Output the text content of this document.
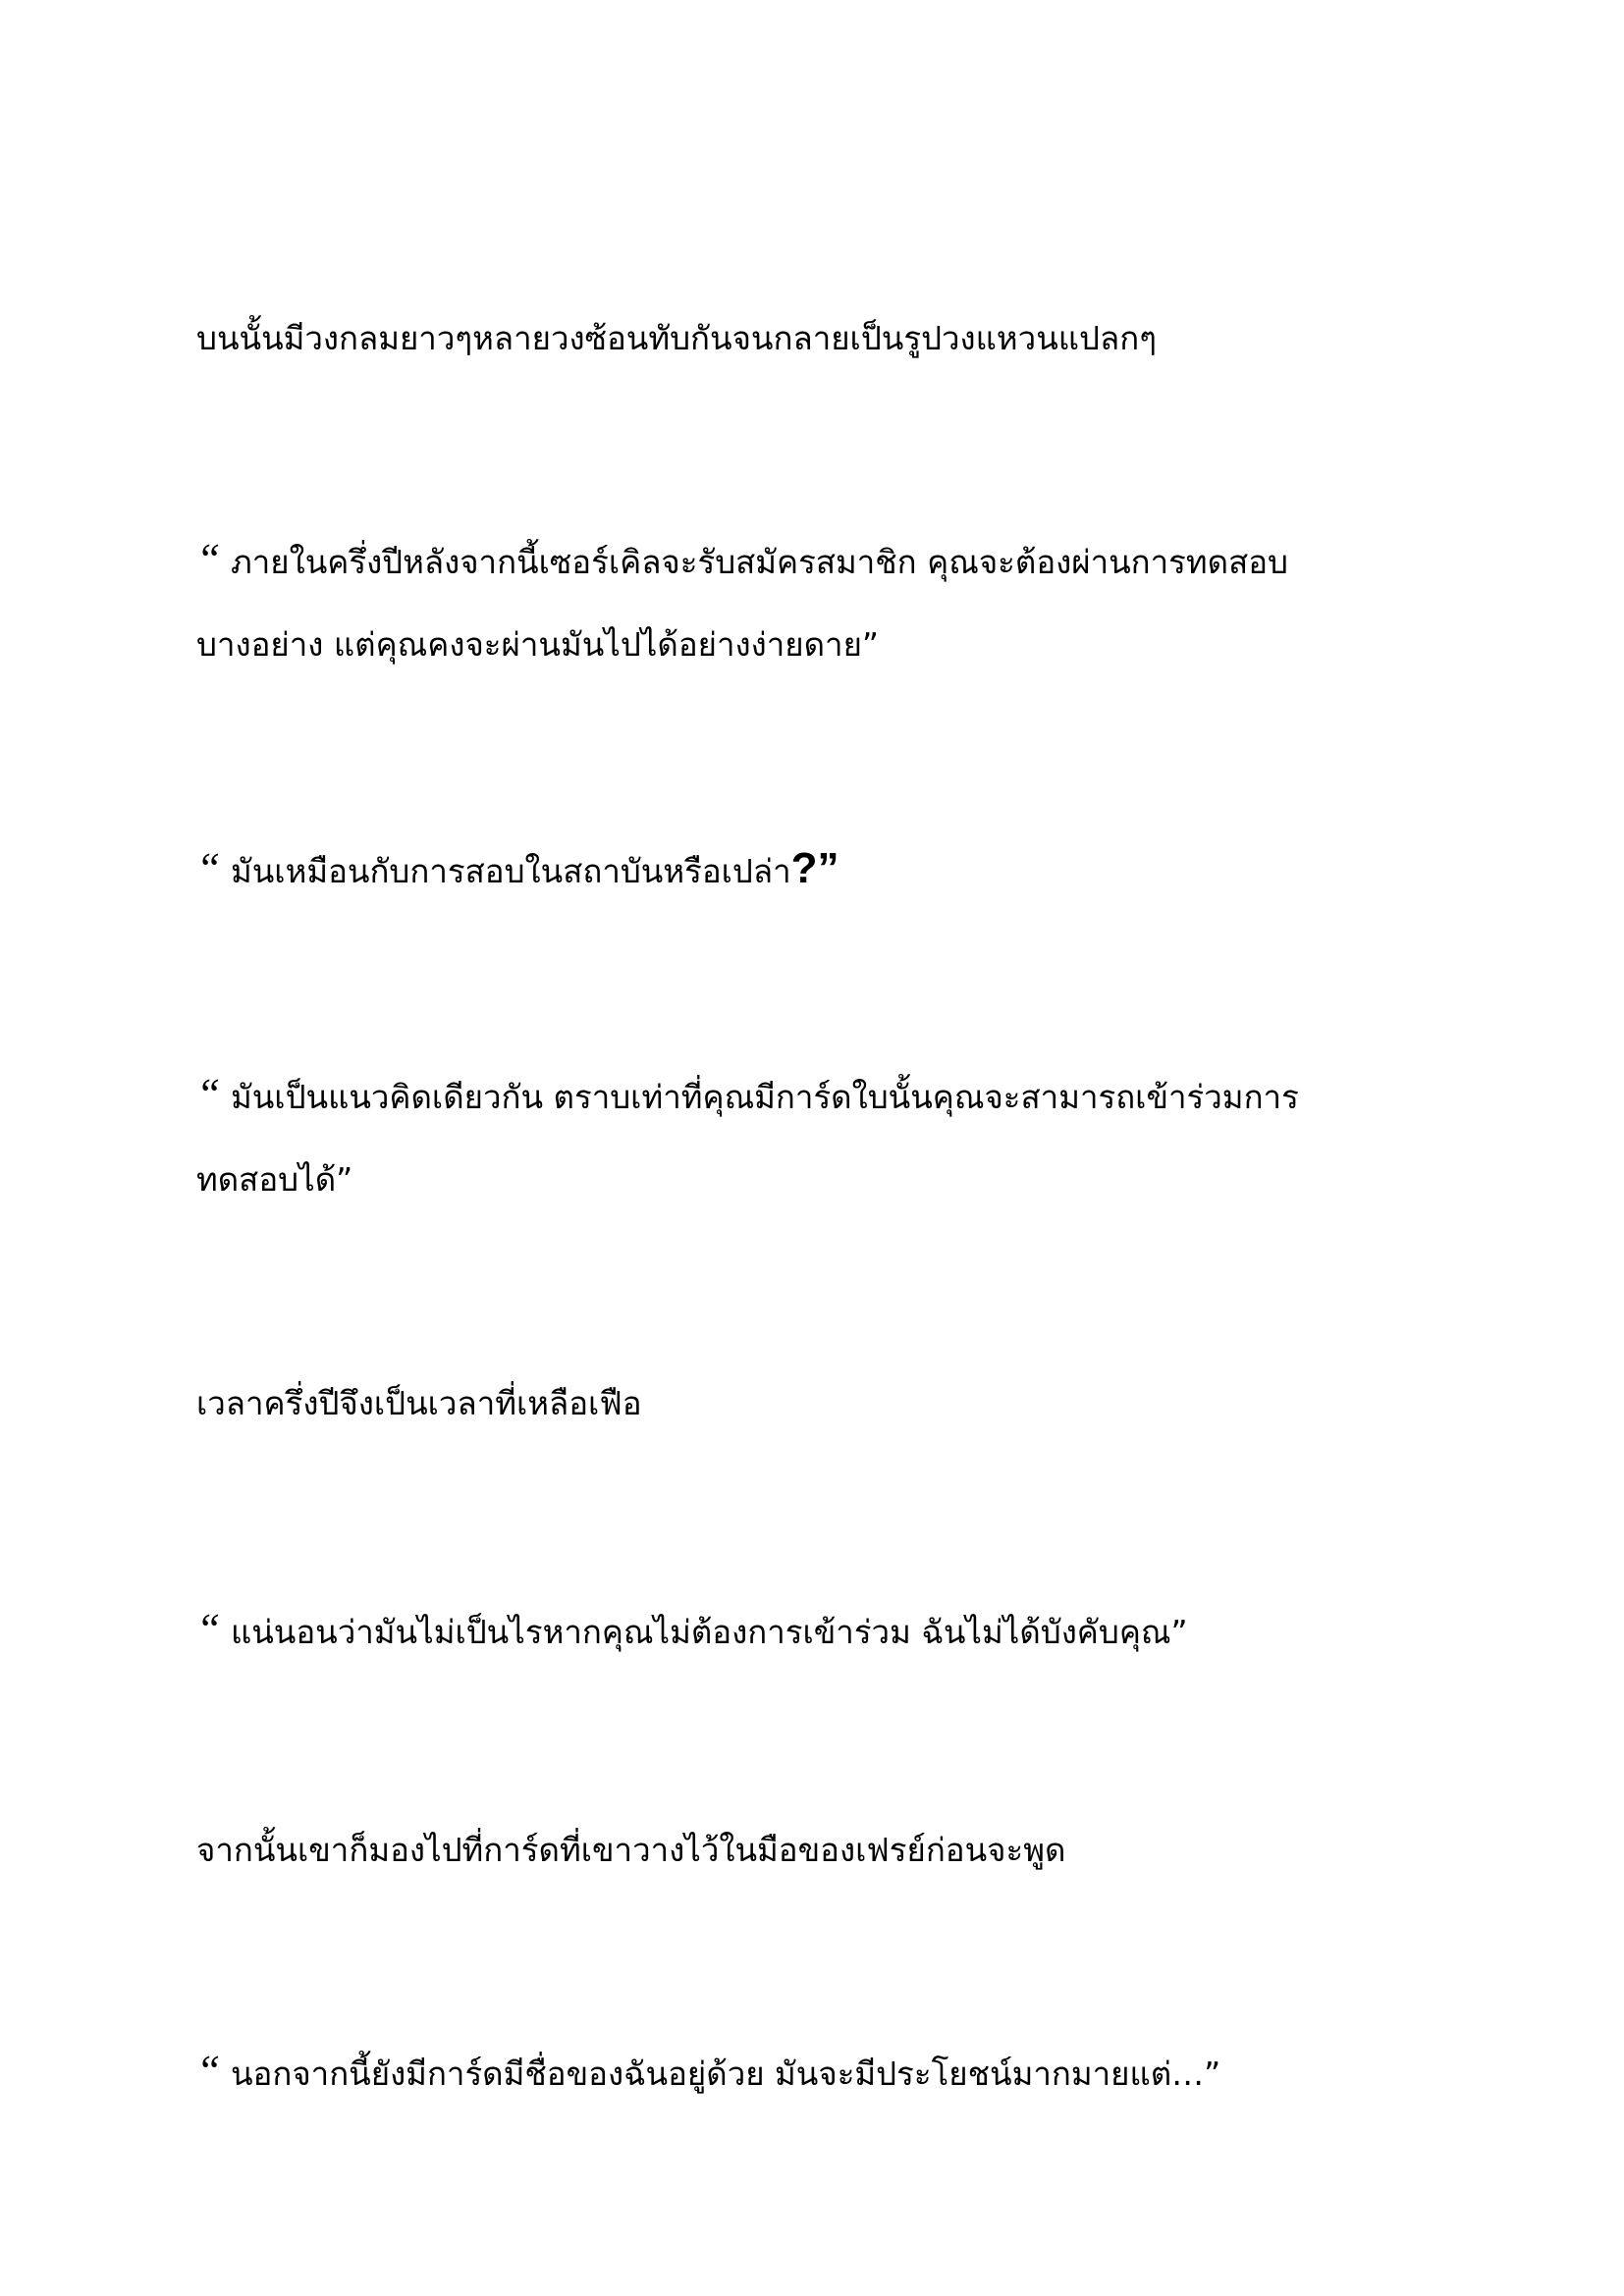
บนนั้นมีวงกลมยาวๆหลายวงซ้อนทับกันจนกลายเป็นรูปวงแหวนแปลกๆ

“ ภายในครึ่งปีหลังจากนี้เซอร์เคิลจะรับสมัครสมาชิก คุณจะต้องผ่านการทดสอบ

บางอย่าง แต่คุณคงจะผ่านมันไปได้อย่างง่ายดาย”

“ มันเหมือนกับการสอบในสถาบันหรือเปล่า?”

“ มันเป็นแนวคิดเดียวกัน ตราบเท่าที่คุณมีการ์ดใบนั้นคุณจะสามารถเข้าร่วมการ

ทดสอบได้”

เวลาครึ่งปีจึงเป็นเวลาที่เหลือเฟือ

“ แน่นอนว่ามันไม่เป็นไรหากคุณไม่ต้องการเข้าร่วม ฉันไม่ได้บังคับคุณ”

จากนั้นเขาก็มองไปที่การ์ดที่เขาวางไว้ในมือของเฟรย์ก่อนจะพูด

“ นอกจากนี้ยังมีการ์ดมีชื่อของฉันอยู่ด้วย มันจะมีประโยชน์มากมายแต่…”
